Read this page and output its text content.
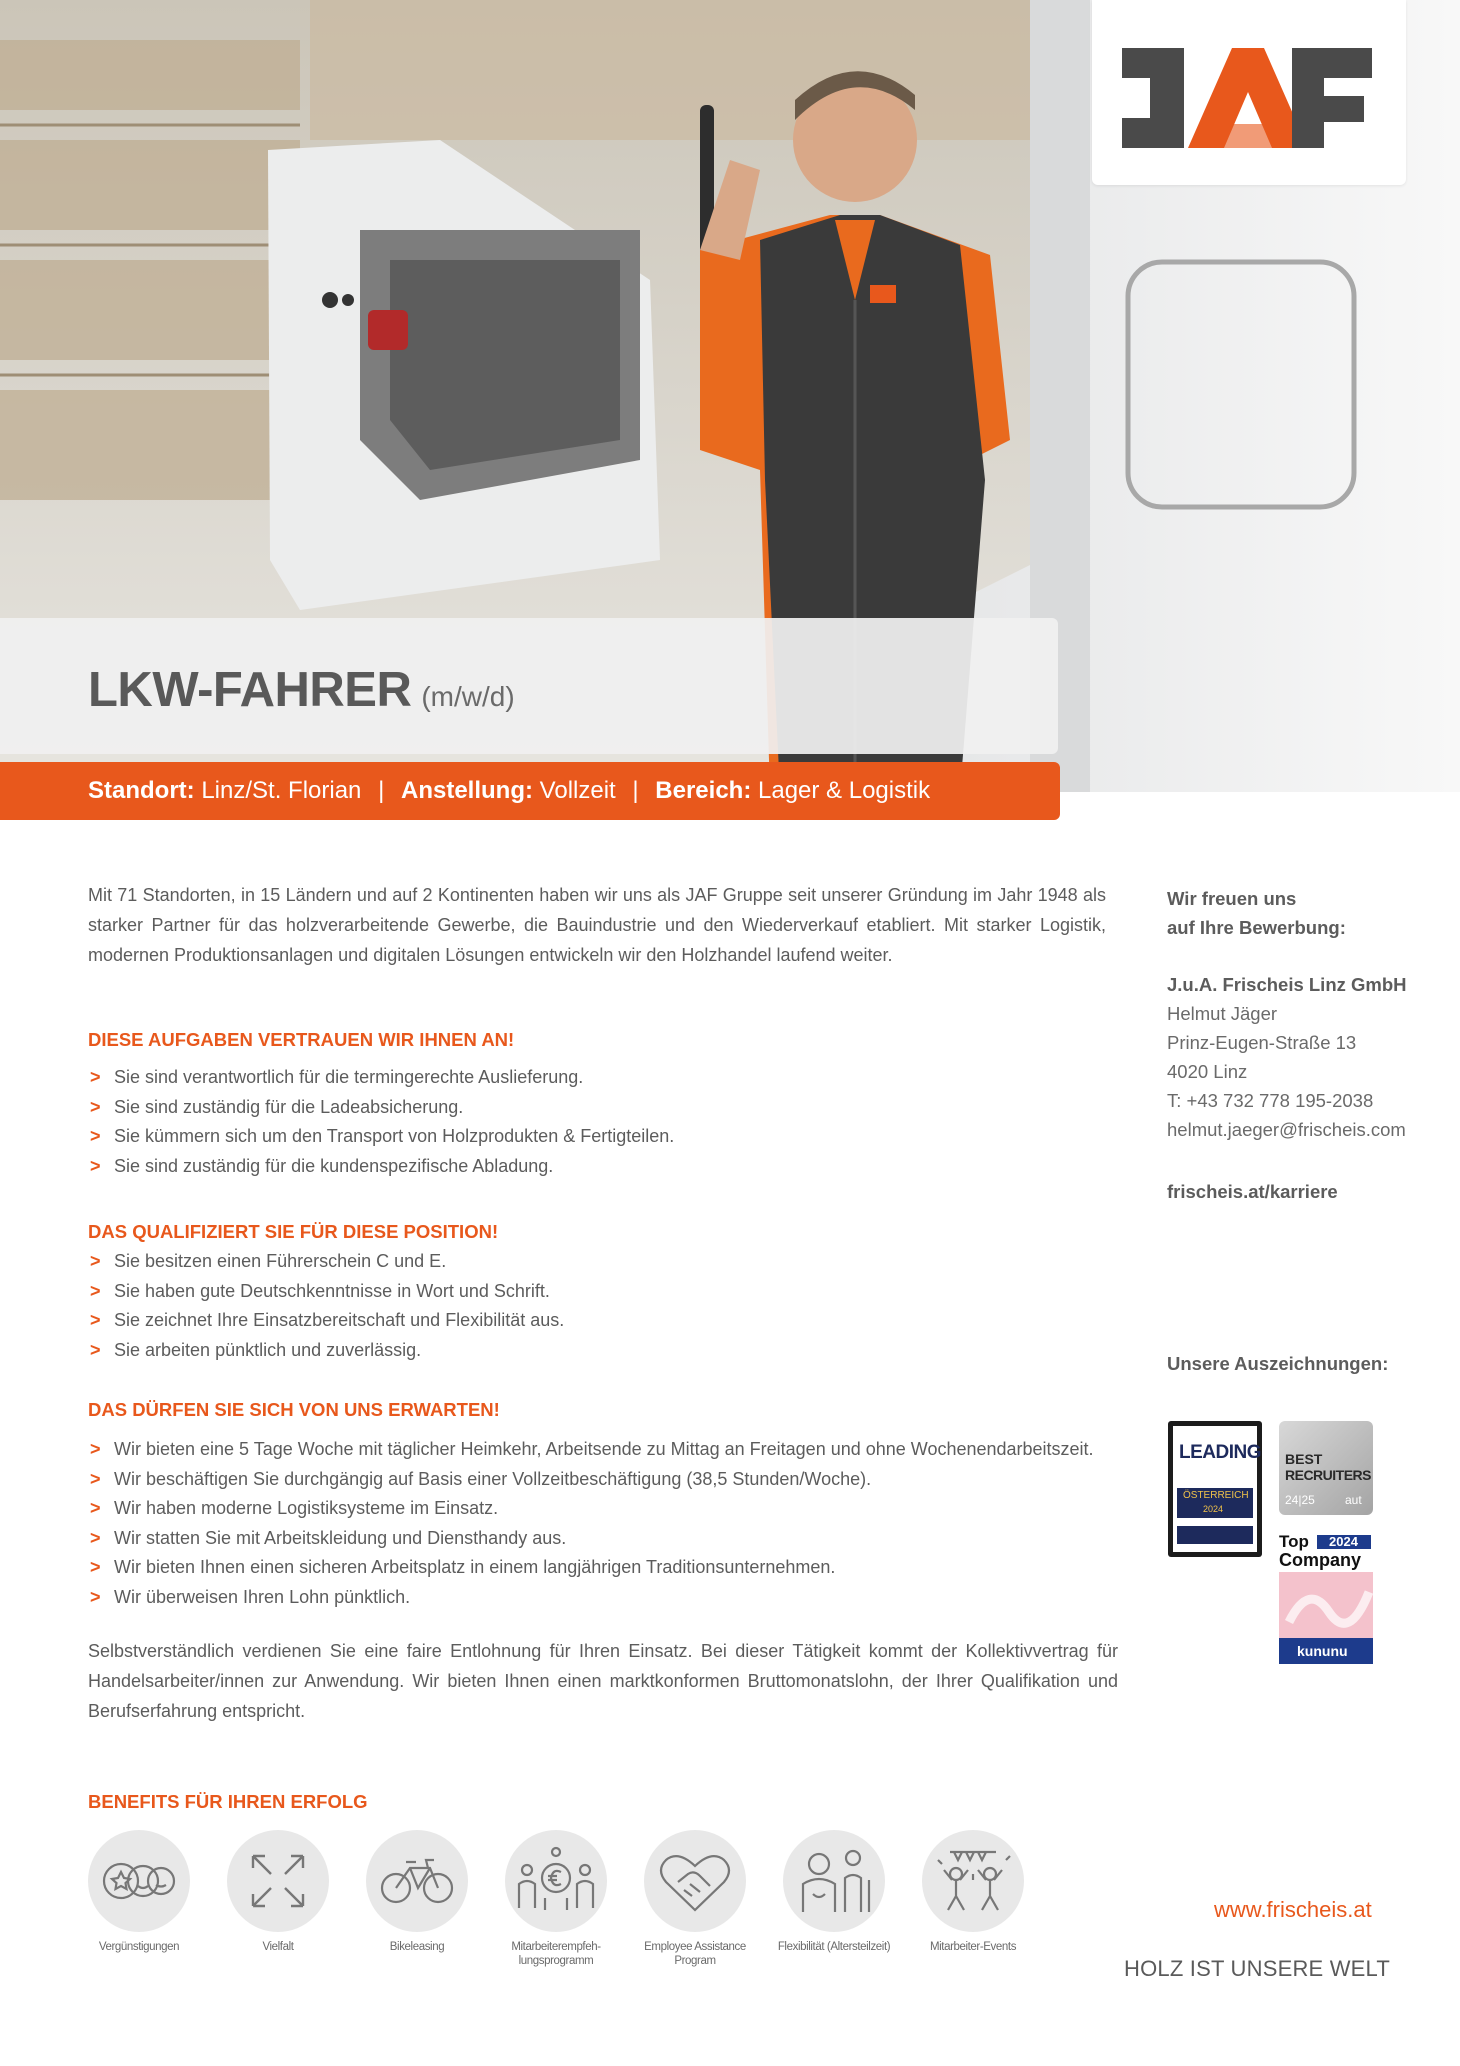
LKW-FAHRER (m/w/d)
Standort: Linz/St. Florian | Anstellung: Vollzeit | Bereich: Lager & Logistik
Mit 71 Standorten, in 15 Ländern und auf 2 Kontinenten haben wir uns als JAF Gruppe seit unserer Gründung im Jahr 1948 als starker Partner für das holzverarbeitende Gewerbe, die Bauindustrie und den Wiederverkauf etabliert. Mit starker Logistik, modernen Produktionsanlagen und digitalen Lösungen entwickeln wir den Holzhandel laufend weiter.
DIESE AUFGABEN VERTRAUEN WIR IHNEN AN!
> Sie sind verantwortlich für die termingerechte Auslieferung.
> Sie sind zuständig für die Ladeabsicherung.
> Sie kümmern sich um den Transport von Holzprodukten & Fertigteilen.
> Sie sind zuständig für die kundenspezifische Abladung.
DAS QUALIFIZIERT SIE FÜR DIESE POSITION!
> Sie besitzen einen Führerschein C und E.
> Sie haben gute Deutschkenntnisse in Wort und Schrift.
> Sie zeichnet Ihre Einsatzbereitschaft und Flexibilität aus.
> Sie arbeiten pünktlich und zuverlässig.
DAS DÜRFEN SIE SICH VON UNS ERWARTEN!
> Wir bieten eine 5 Tage Woche mit täglicher Heimkehr, Arbeitsende zu Mittag an Freitagen und ohne Wochenendarbeitszeit.
> Wir beschäftigen Sie durchgängig auf Basis einer Vollzeitbeschäftigung (38,5 Stunden/Woche).
> Wir haben moderne Logistiksysteme im Einsatz.
> Wir statten Sie mit Arbeitskleidung und Diensthandy aus.
> Wir bieten Ihnen einen sicheren Arbeitsplatz in einem langjährigen Traditionsunternehmen.
> Wir überweisen Ihren Lohn pünktlich.
Selbstverständlich verdienen Sie eine faire Entlohnung für Ihren Einsatz. Bei dieser Tätigkeit kommt der Kollektivvertrag für Handelsarbeiter/innen zur Anwendung. Wir bieten Ihnen einen marktkonformen Bruttomonatslohn, der Ihrer Qualifikation und Berufserfahrung entspricht.
BENEFITS FÜR IHREN ERFOLG
Vergünstigungen	Vielfalt	Bikeleasing	Mitarbeiterempfeh-lungsprogramm
Employee Assistance Program
Flexibilität (Altersteilzeit)	Mitarbeiter-Events
Wir freuen uns
auf Ihre Bewerbung:
J.u.A. Frischeis Linz GmbH
Helmut Jäger
Prinz-Eugen-Straße 13
4020 Linz
T: +43 732 778 195-2038
helmut.jaeger@frischeis.com
frischeis.at/karriere
Unsere Auszeichnungen:
LEADING
ÖSTERREICH
2024
BEST
RECRUITERS
24|25	aut
Top 2024
Company
kununu
www.frischeis.at
HOLZ IST UNSERE WELT
